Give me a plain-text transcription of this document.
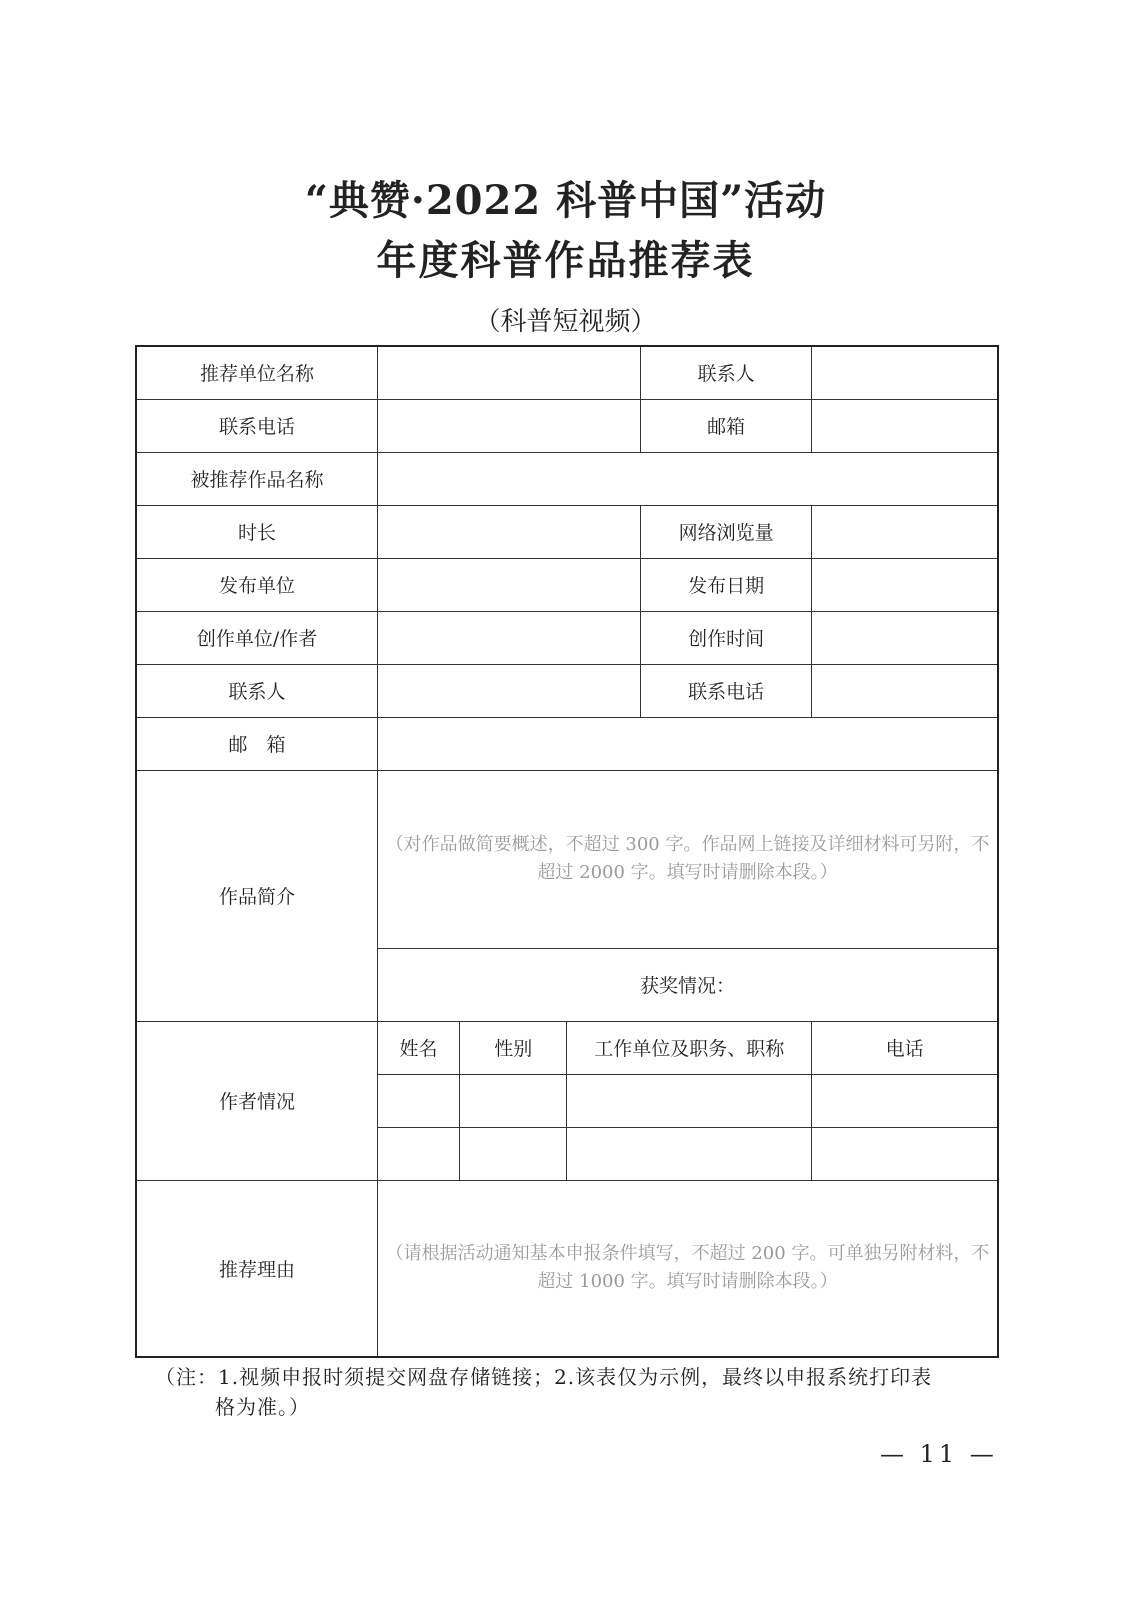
“典赞·2022 科普中国”活动
年度科普作品推荐表
（科普短视频）
推荐单位名称				联系人	
联系电话				邮箱	
被推荐作品名称					
时长				网络浏览量	
发布单位				发布日期	
创作单位/作者				创作时间	
联系人				联系电话	
邮　箱					
作品简介	（对作品做简要概述，不超过 300 字。作品网上链接及详细材料可另附，不超过 2000 字。填写时请删除本段。）				
	获奖情况：				
作者情况	姓名	性别	工作单位及职务、职称		电话

推荐理由	（请根据活动通知基本申报条件填写，不超过 200 字。可单独另附材料，不超过 1000 字。填写时请删除本段。）				
（注：1.视频申报时须提交网盘存储链接；2.该表仅为示例，最终以申报系统打印表
格为准。）
— 11 —
